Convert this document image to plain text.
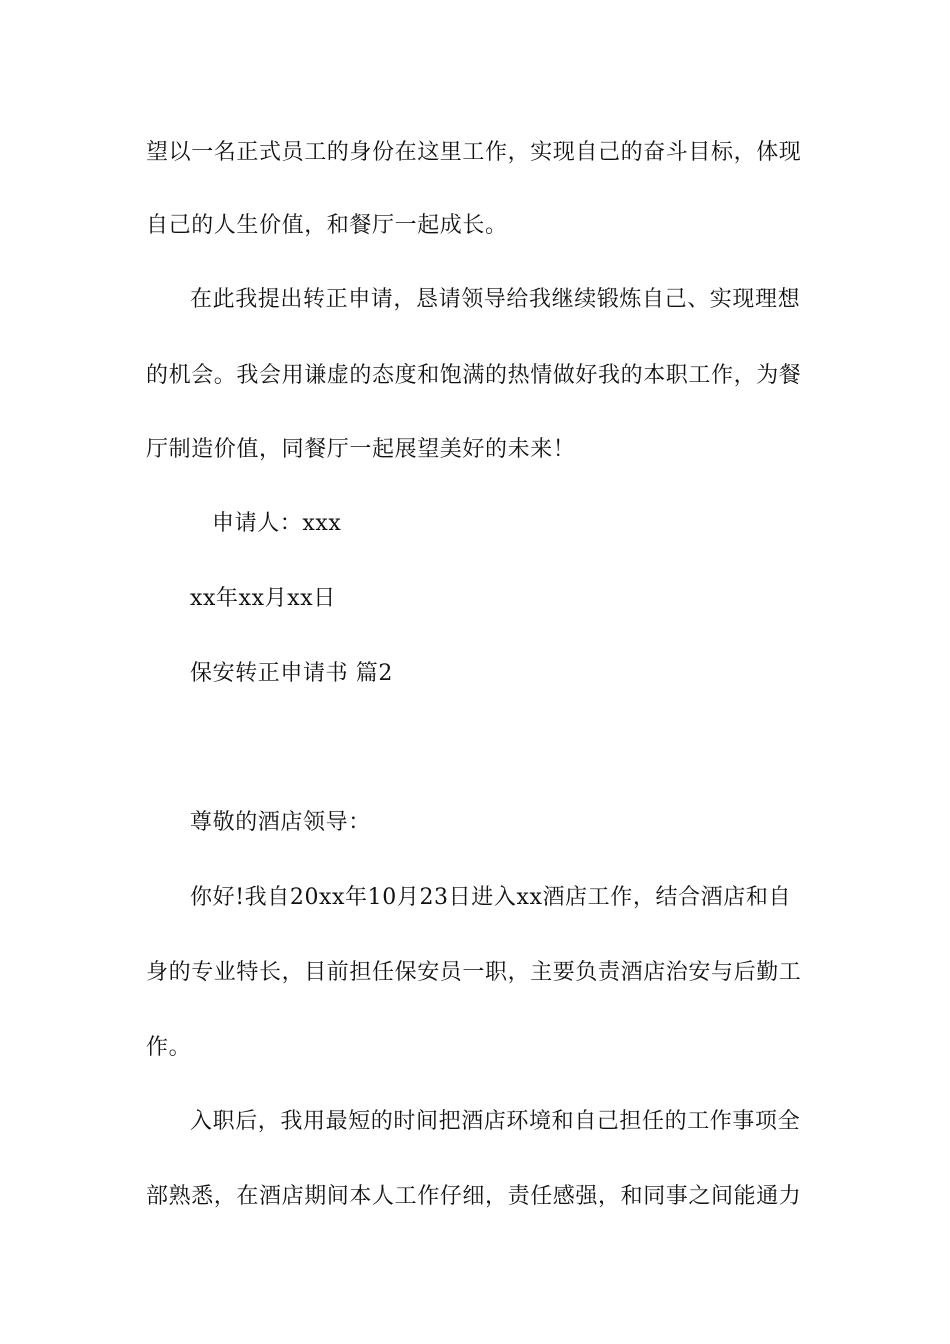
望以一名正式员工的身份在这里工作，实现自己的奋斗目标，体现
自己的人生价值，和餐厅一起成长。
在此我提出转正申请，恳请领导给我继续锻炼自己、实现理想
的机会。我会用谦虚的态度和饱满的热情做好我的本职工作，为餐
厅制造价值，同餐厅一起展望美好的未来！
申请人：xxx
xx年xx月xx日
保安转正申请书 篇2
尊敬的酒店领导：
你好!我自20xx年10月23日进入xx酒店工作，结合酒店和自
身的专业特长，目前担任保安员一职，主要负责酒店治安与后勤工
作。
入职后，我用最短的时间把酒店环境和自己担任的工作事项全
部熟悉，在酒店期间本人工作仔细，责任感强，和同事之间能通力
